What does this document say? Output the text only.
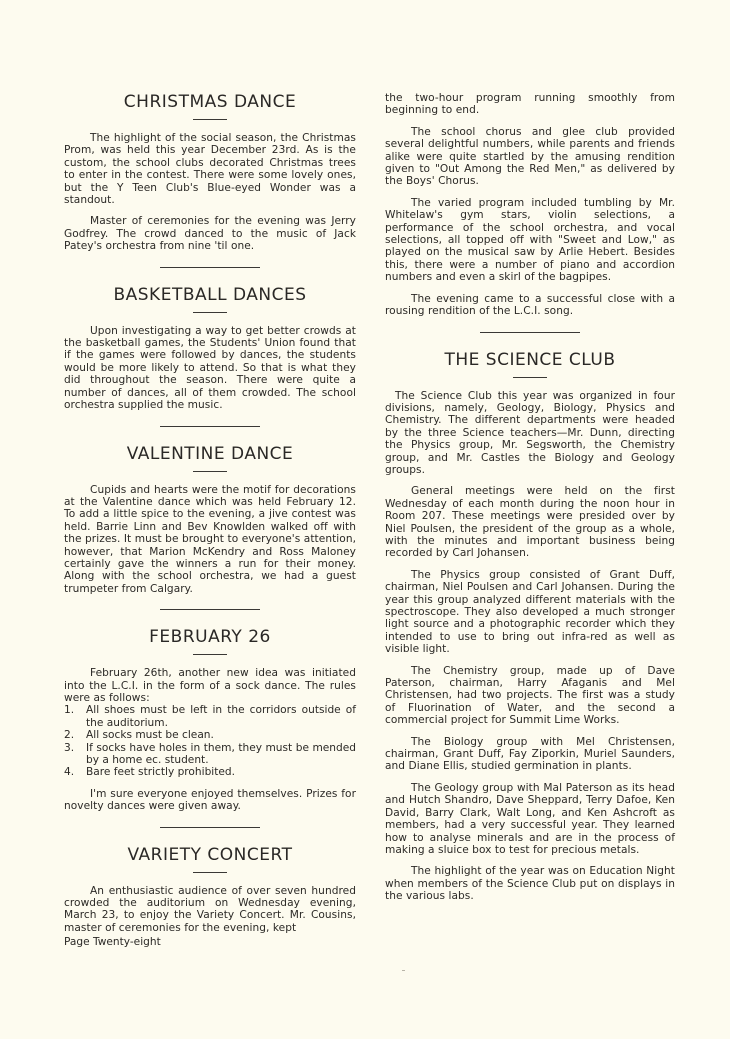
CHRISTMAS DANCE

The highlight of the social season, the Christmas Prom, was held this year December 23rd. As is the custom, the school clubs decorated Christmas trees to enter in the contest. There were some lovely ones, but the Y Teen Club's Blue-eyed Wonder was a standout.

Master of ceremonies for the evening was Jerry Godfrey. The crowd danced to the music of Jack Patey's orchestra from nine 'til one.

BASKETBALL DANCES

Upon investigating a way to get better crowds at the basketball games, the Students' Union found that if the games were followed by dances, the students would be more likely to attend. So that is what they did throughout the season. There were quite a number of dances, all of them crowded. The school orchestra supplied the music.

VALENTINE DANCE

Cupids and hearts were the motif for decorations at the Valentine dance which was held February 12. To add a little spice to the evening, a jive contest was held. Barrie Linn and Bev Knowlden walked off with the prizes. It must be brought to everyone's attention, however, that Marion McKendry and Ross Maloney certainly gave the winners a run for their money. Along with the school orchestra, we had a guest trumpeter from Calgary.

FEBRUARY 26

February 26th, another new idea was initiated into the L.C.I. in the form of a sock dance. The rules were as follows:

1. All shoes must be left in the corridors outside of the auditorium.
2. All socks must be clean.
3. If socks have holes in them, they must be mended by a home ec. student.
4. Bare feet strictly prohibited.

I'm sure everyone enjoyed themselves. Prizes for novelty dances were given away.

VARIETY CONCERT

An enthusiastic audience of over seven hundred crowded the auditorium on Wednesday evening, March 23, to enjoy the Variety Concert. Mr. Cousins, master of ceremonies for the evening, kept

the two-hour program running smoothly from beginning to end.

The school chorus and glee club provided several delightful numbers, while parents and friends alike were quite startled by the amusing rendition given to "Out Among the Red Men," as delivered by the Boys' Chorus.

The varied program included tumbling by Mr. Whitelaw's gym stars, violin selections, a performance of the school orchestra, and vocal selections, all topped off with "Sweet and Low," as played on the musical saw by Arlie Hebert. Besides this, there were a number of piano and accordion numbers and even a skirl of the bagpipes.

The evening came to a successful close with a rousing rendition of the L.C.I. song.

THE SCIENCE CLUB

The Science Club this year was organized in four divisions, namely, Geology, Biology, Physics and Chemistry. The different departments were headed by the three Science teachers—Mr. Dunn, directing the Physics group, Mr. Segsworth, the Chemistry group, and Mr. Castles the Biology and Geology groups.

General meetings were held on the first Wednesday of each month during the noon hour in Room 207. These meetings were presided over by Niel Poulsen, the president of the group as a whole, with the minutes and important business being recorded by Carl Johansen.

The Physics group consisted of Grant Duff, chairman, Niel Poulsen and Carl Johansen. During the year this group analyzed different materials with the spectroscope. They also developed a much stronger light source and a photographic recorder which they intended to use to bring out infra-red as well as visible light.

The Chemistry group, made up of Dave Paterson, chairman, Harry Afaganis and Mel Christensen, had two projects. The first was a study of Fluorination of Water, and the second a commercial project for Summit Lime Works.

The Biology group with Mel Christensen, chairman, Grant Duff, Fay Ziporkin, Muriel Saunders, and Diane Ellis, studied germination in plants.

The Geology group with Mal Paterson as its head and Hutch Shandro, Dave Sheppard, Terry Dafoe, Ken David, Barry Clark, Walt Long, and Ken Ashcroft as members, had a very successful year. They learned how to analyse minerals and are in the process of making a sluice box to test for precious metals.

The highlight of the year was on Education Night when members of the Science Club put on displays in the various labs.

Page Twenty-eight
